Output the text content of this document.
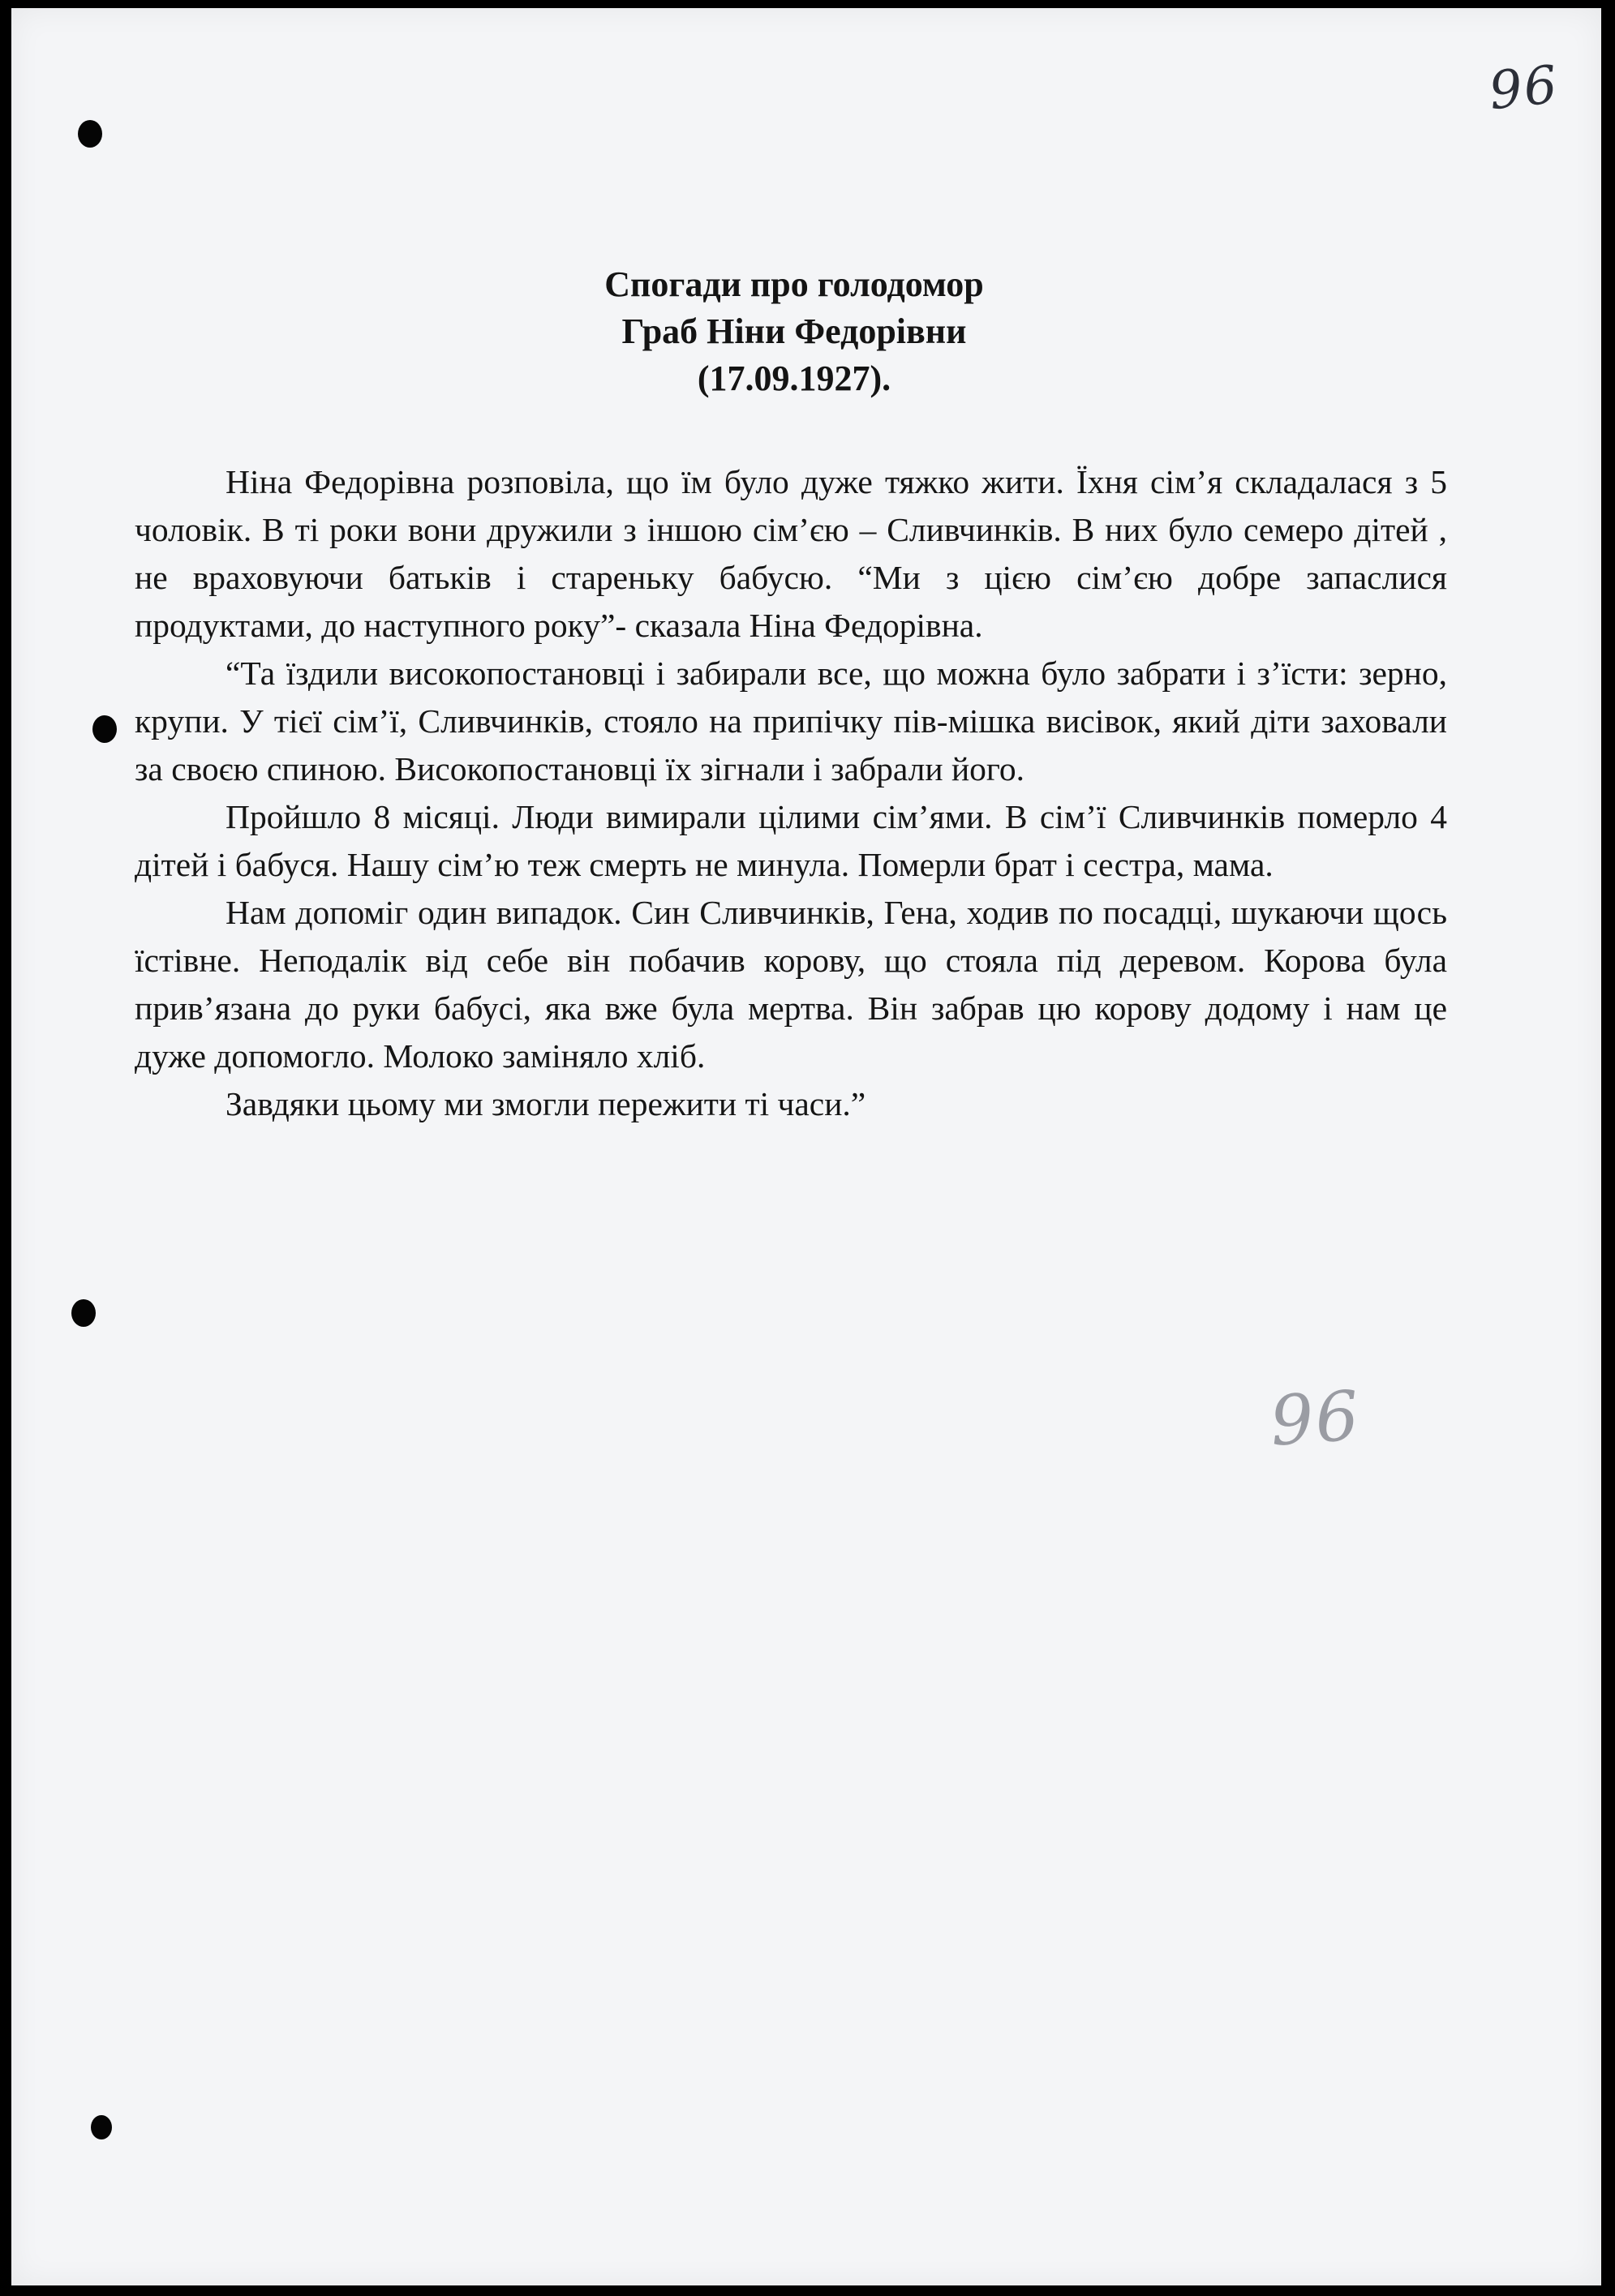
96
Спогади про голодомор
Граб Ніни Федорівни
(17.09.1927).

Ніна Федорівна розповіла, що їм було дуже тяжко жити. Їхня сім’я складалася з 5 чоловік. В ті роки вони дружили з іншою сім’єю – Сливчинків. В них було семеро дітей , не враховуючи батьків і стареньку бабусю. “Ми з цією сім’єю добре запаслися продуктами, до наступного року”- сказала Ніна Федорівна.

“Та їздили високопостановці і забирали все, що можна було забрати і з’їсти: зерно, крупи. У тієї сім’ї, Сливчинків, стояло на припічку пів-мішка висівок, який діти заховали за своєю спиною. Високопостановці їх зігнали і забрали його.

Пройшло 8 місяці. Люди вимирали цілими сім’ями. В сім’ї Сливчинків померло 4 дітей і бабуся. Нашу сім’ю теж смерть не минула. Померли брат і сестра, мама.

Нам допоміг один випадок. Син Сливчинків, Гена, ходив по посадці, шукаючи щось їстівне. Неподалік від себе він побачив корову, що стояла під деревом. Корова була прив’язана до руки бабусі, яка вже була мертва. Він забрав цю корову додому і нам це дуже допомогло. Молоко заміняло хліб.

Завдяки цьому ми змогли пережити ті часи.”

96
